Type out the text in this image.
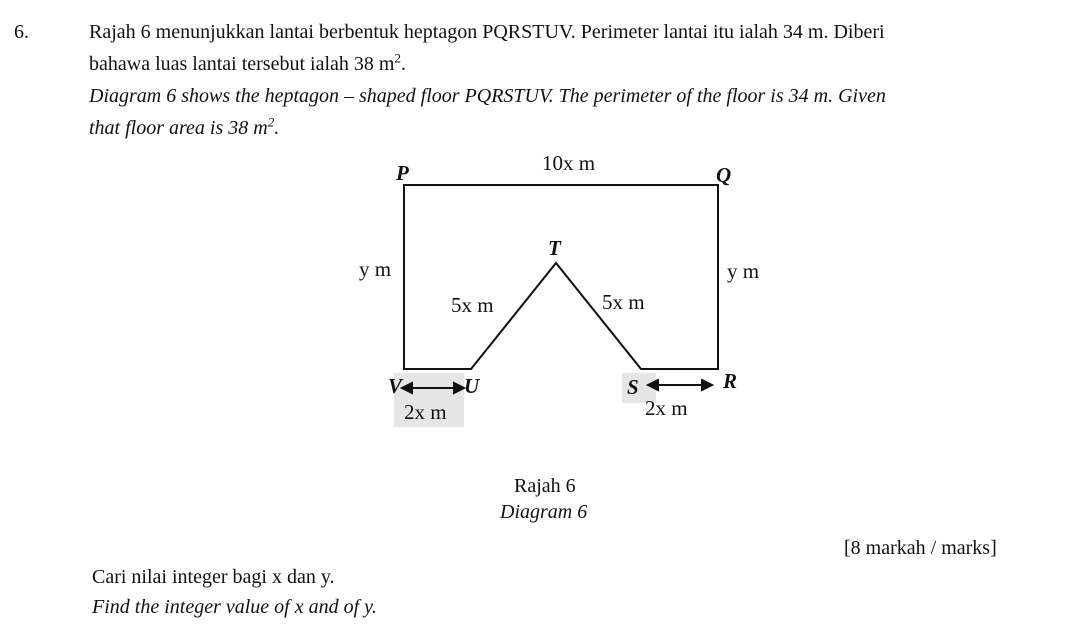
6.	Rajah 6 menunjukkan lantai berbentuk heptagon PQRSTUV. Perimeter lantai itu ialah 34 m. Diberi
bahawa luas lantai tersebut ialah 38 $m^2$.
Diagram 6 shows the heptagon – shaped floor PQRSTUV. The perimeter of the floor is 34 m. Given
that floor area is 38 $m^2$.
P	Q
R
S
T
U
V
10x m
y m	y m
5x m	5x m
2x m	2x m
Rajah 6
Diagram 6
[8 markah / marks]
Cari nilai integer bagi x dan y.
Find the integer value of x and of y.
